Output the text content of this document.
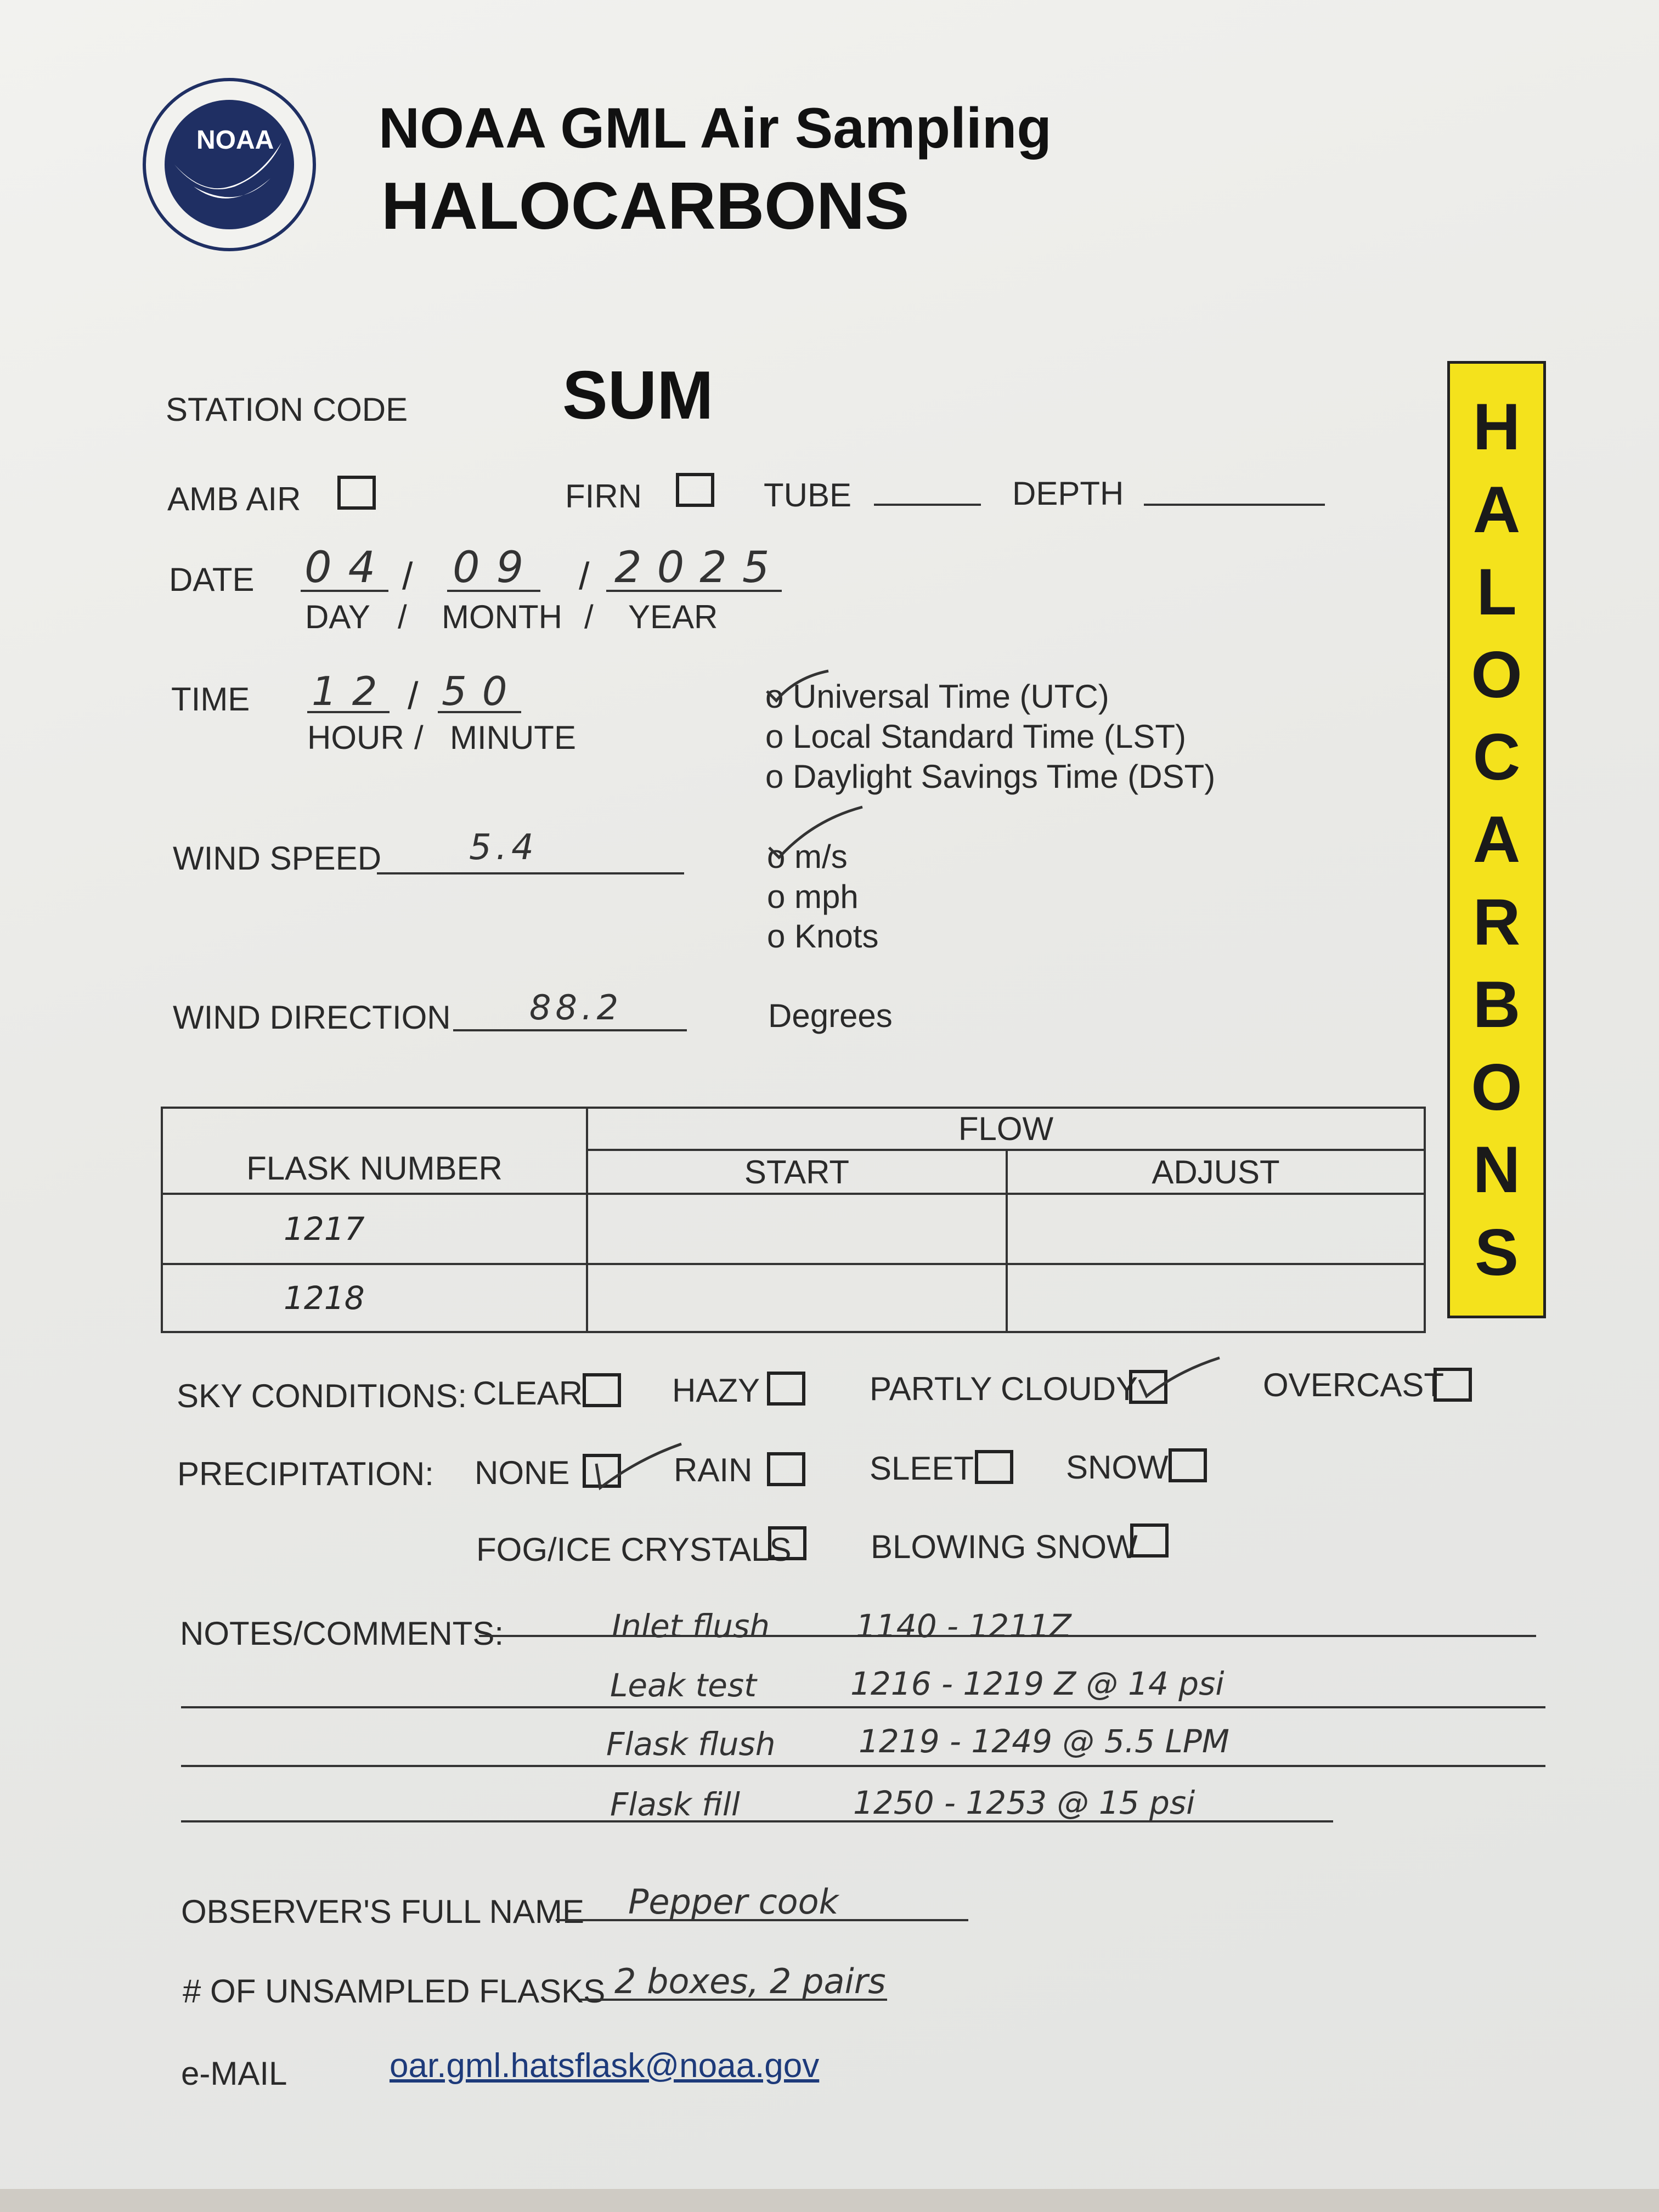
NOAA NOAA GML Air Sampling
HALOCARBONS
H
A
L
O
C
A
R
B
O
N
S
STATION CODE SUM
AMB AIR	FIRN	TUBE	DEPTH
DATE 04 / 09 / 2025
DAY / MONTH / YEAR
TIME 12 / 50
HOUR / MINUTE
o Universal Time (UTC)
o Local Standard Time (LST)
o Daylight Savings Time (DST)
WIND SPEED 5.4	o m/s
o mph
o Knots
WIND DIRECTION 88.2	Degrees
FLASK NUMBER	FLOW	
	START	ADJUST
1217		
1218		
SKY CONDITIONS: CLEAR	HAZY	PARTLY CLOUDY	OVERCAST
PRECIPITATION: NONE	RAIN	SLEET	SNOW
FOG/ICE CRYSTALS BLOWING SNOW
NOTES/COMMENTS:	Inlet flush	1140 - 1211Z
Leak test	1216 - 1219 Z @ 14 psi
Flask flush	1219 - 1249 @ 5.5 LPM
Flask fill	1250 - 1253 @ 15 psi
OBSERVER'S FULL NAME Pepper cook
# OF UNSAMPLED FLASKS 2 boxes, 2 pairs
e-MAIL	oar.gml.hatsflask@noaa.gov
